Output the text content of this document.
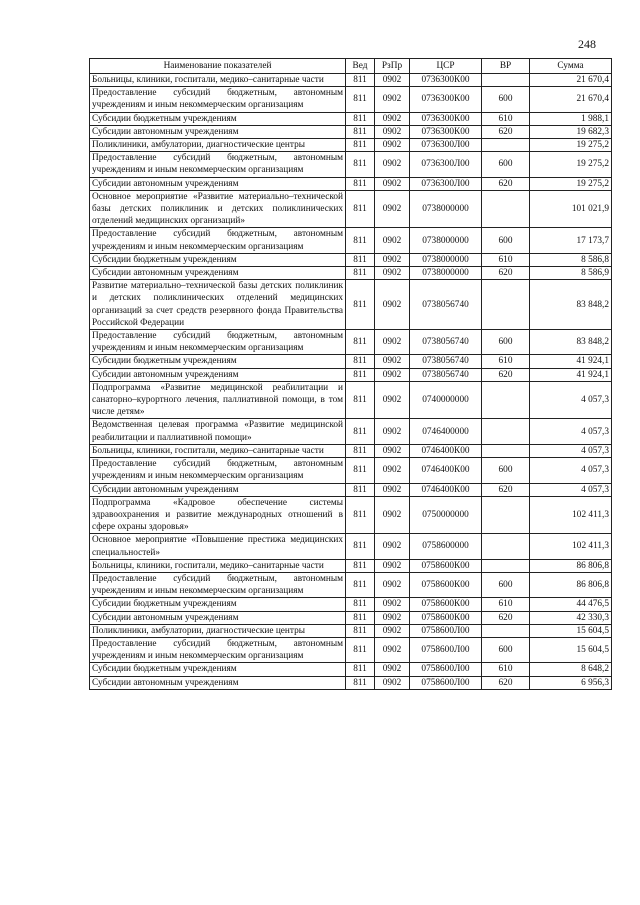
248
Наименование показателей	Вед	РзПр	ЦСР	ВР	Сумма
Больницы, клиники, госпитали, медико–санитарные части	811	0902	0736300К00		21 670,4
Предоставление субсидий бюджетным, автономным учреждениям и иным некоммерческим организациям	811	0902	0736300К00	600	21 670,4
Субсидии бюджетным учреждениям	811	0902	0736300К00	610	1 988,1
Субсидии автономным учреждениям	811	0902	0736300К00	620	19 682,3
Поликлиники, амбулатории, диагностические центры	811	0902	0736300Л00		19 275,2
Предоставление субсидий бюджетным, автономным учреждениям и иным некоммерческим организациям	811	0902	0736300Л00	600	19 275,2
Субсидии автономным учреждениям	811	0902	0736300Л00	620	19 275,2
Основное мероприятие «Развитие материально–технической базы детских поликлиник и детских поликлинических отделений медицинских организаций»	811	0902	0738000000		101 021,9
Предоставление субсидий бюджетным, автономным учреждениям и иным некоммерческим организациям	811	0902	0738000000	600	17 173,7
Субсидии бюджетным учреждениям	811	0902	0738000000	610	8 586,8
Субсидии автономным учреждениям	811	0902	0738000000	620	8 586,9
Развитие материально–технической базы детских поликлиник и детских поликлинических отделений медицинских организаций за счет средств резервного фонда Правительства Российской Федерации	811	0902	0738056740		83 848,2
Предоставление субсидий бюджетным, автономным учреждениям и иным некоммерческим организациям	811	0902	0738056740	600	83 848,2
Субсидии бюджетным учреждениям	811	0902	0738056740	610	41 924,1
Субсидии автономным учреждениям	811	0902	0738056740	620	41 924,1
Подпрограмма «Развитие медицинской реабилитации и санаторно–курортного лечения, паллиативной помощи, в том числе детям»	811	0902	0740000000		4 057,3
Ведомственная целевая программа «Развитие медицинской реабилитации и паллиативной помощи»	811	0902	0746400000		4 057,3
Больницы, клиники, госпитали, медико–санитарные части	811	0902	0746400К00		4 057,3
Предоставление субсидий бюджетным, автономным учреждениям и иным некоммерческим организациям	811	0902	0746400К00	600	4 057,3
Субсидии автономным учреждениям	811	0902	0746400К00	620	4 057,3
Подпрограмма «Кадровое обеспечение системы здравоохранения и развитие международных отношений в сфере охраны здоровья»	811	0902	0750000000		102 411,3
Основное мероприятие «Повышение престижа медицинских специальностей»	811	0902	0758600000		102 411,3
Больницы, клиники, госпитали, медико–санитарные части	811	0902	0758600К00		86 806,8
Предоставление субсидий бюджетным, автономным учреждениям и иным некоммерческим организациям	811	0902	0758600К00	600	86 806,8
Субсидии бюджетным учреждениям	811	0902	0758600К00	610	44 476,5
Субсидии автономным учреждениям	811	0902	0758600К00	620	42 330,3
Поликлиники, амбулатории, диагностические центры	811	0902	0758600Л00		15 604,5
Предоставление субсидий бюджетным, автономным учреждениям и иным некоммерческим организациям	811	0902	0758600Л00	600	15 604,5
Субсидии бюджетным учреждениям	811	0902	0758600Л00	610	8 648,2
Субсидии автономным учреждениям	811	0902	0758600Л00	620	6 956,3
